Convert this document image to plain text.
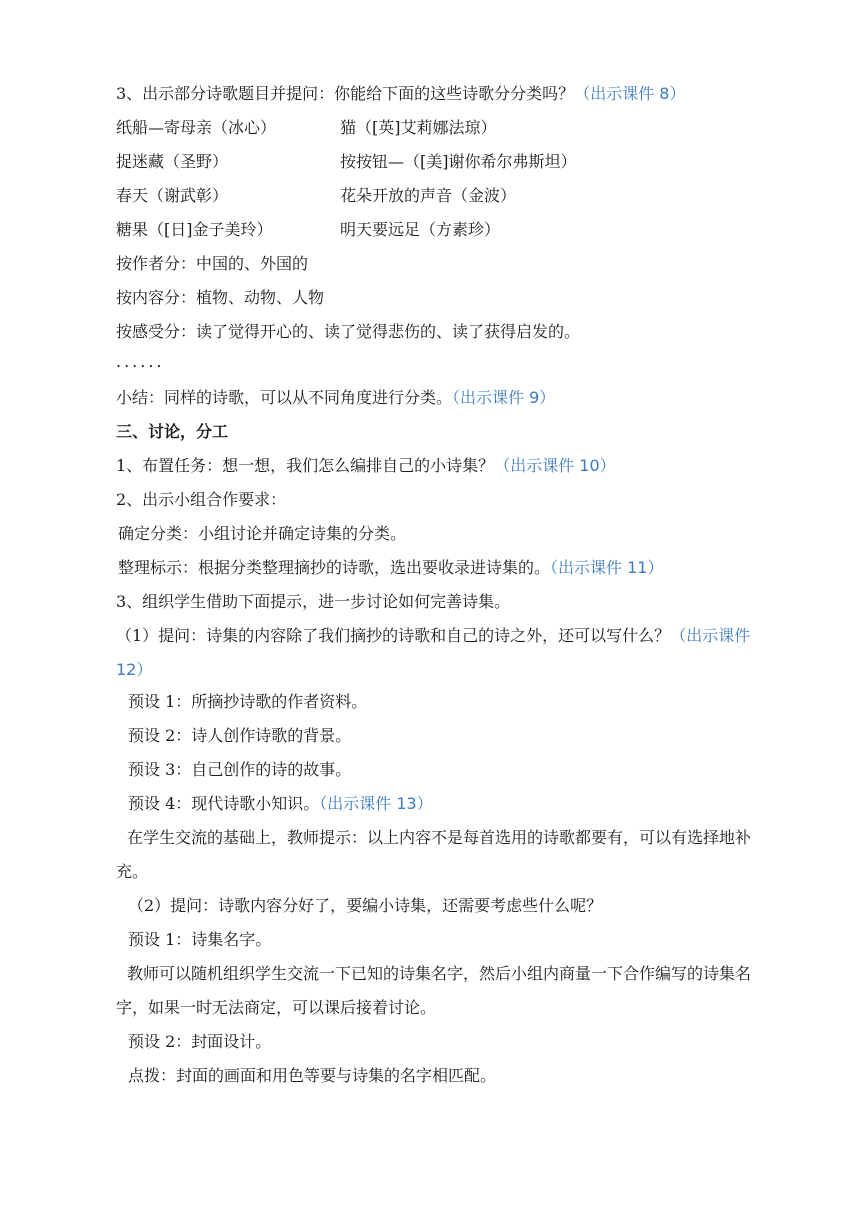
3、出示部分诗歌题目并提问：你能给下面的这些诗歌分分类吗？（出示课件 8）
纸船—寄母亲（冰心）	猫（[英]艾莉娜法琼）
捉迷藏（圣野）	按按钮—（[美]谢你希尔弗斯坦）
春天（谢武彰）	花朵开放的声音（金波）
糖果（[日]金子美玲）	明天要远足（方素珍）
按作者分：中国的、外国的
按内容分：植物、动物、人物
按感受分：读了觉得开心的、读了觉得悲伤的、读了获得启发的。
......
小结：同样的诗歌，可以从不同角度进行分类。（出示课件 9）
三、讨论，分工
1、布置任务：想一想，我们怎么编排自己的小诗集？（出示课件 10）
2、出示小组合作要求：
确定分类：小组讨论并确定诗集的分类。
整理标示：根据分类整理摘抄的诗歌，选出要收录进诗集的。（出示课件 11）
3、组织学生借助下面提示，进一步讨论如何完善诗集。
（1）提问：诗集的内容除了我们摘抄的诗歌和自己的诗之外，还可以写什么？（出示课件 12）
预设 1：所摘抄诗歌的作者资料。
预设 2：诗人创作诗歌的背景。
预设 3：自己创作的诗的故事。
预设 4：现代诗歌小知识。（出示课件 13）
在学生交流的基础上，教师提示：以上内容不是每首选用的诗歌都要有，可以有选择地补充。
（2）提问：诗歌内容分好了，要编小诗集，还需要考虑些什么呢？
预设 1：诗集名字。
教师可以随机组织学生交流一下已知的诗集名字，然后小组内商量一下合作编写的诗集名字，如果一时无法商定，可以课后接着讨论。
预设 2：封面设计。
点拨：封面的画面和用色等要与诗集的名字相匹配。
